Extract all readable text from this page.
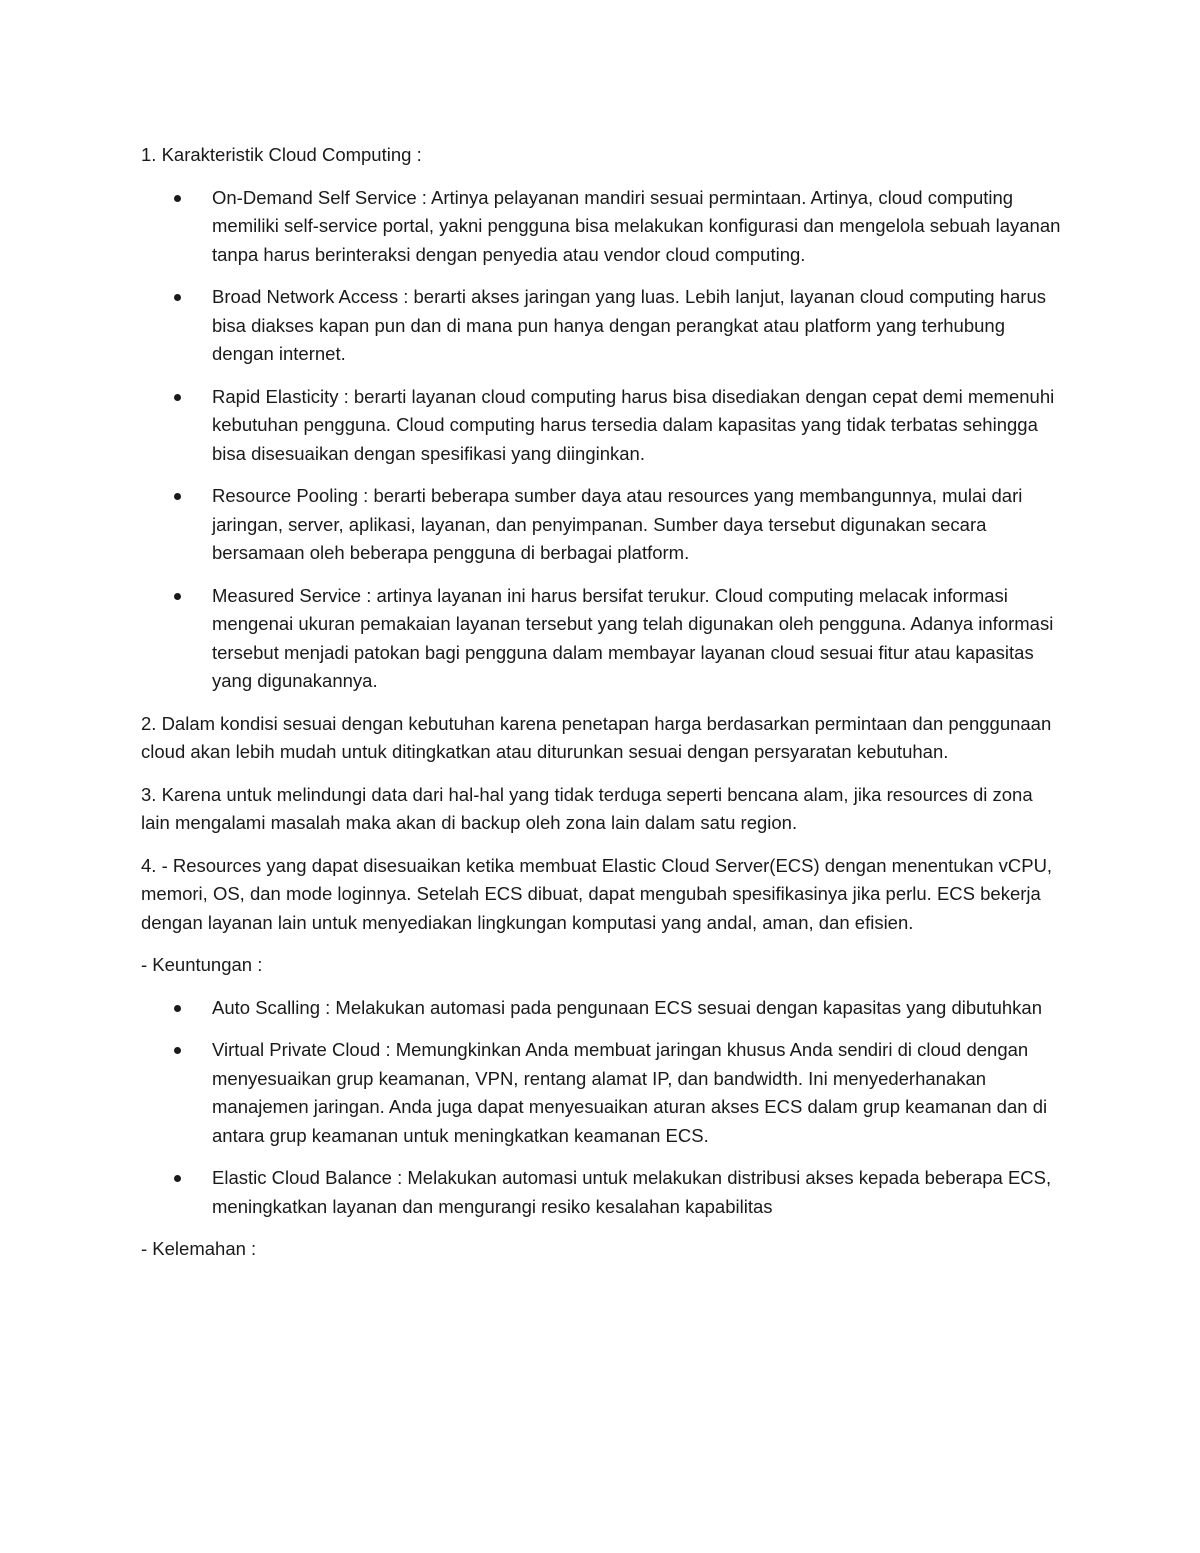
1. Karakteristik Cloud Computing :

On-Demand Self Service : Artinya pelayanan mandiri sesuai permintaan. Artinya, cloud computing memiliki self-service portal, yakni pengguna bisa melakukan konfigurasi dan mengelola sebuah layanan tanpa harus berinteraksi dengan penyedia atau vendor cloud computing.
Broad Network Access : berarti akses jaringan yang luas. Lebih lanjut, layanan cloud computing harus bisa diakses kapan pun dan di mana pun hanya dengan perangkat atau platform yang terhubung dengan internet.
Rapid Elasticity : berarti layanan cloud computing harus bisa disediakan dengan cepat demi memenuhi kebutuhan pengguna. Cloud computing harus tersedia dalam kapasitas yang tidak terbatas sehingga bisa disesuaikan dengan spesifikasi yang diinginkan.
Resource Pooling : berarti beberapa sumber daya atau resources yang membangunnya, mulai dari jaringan, server, aplikasi, layanan, dan penyimpanan. Sumber daya tersebut digunakan secara bersamaan oleh beberapa pengguna di berbagai platform.
Measured Service : artinya layanan ini harus bersifat terukur. Cloud computing melacak informasi mengenai ukuran pemakaian layanan tersebut yang telah digunakan oleh pengguna. Adanya informasi tersebut menjadi patokan bagi pengguna dalam membayar layanan cloud sesuai fitur atau kapasitas yang digunakannya.

2. Dalam kondisi sesuai dengan kebutuhan karena penetapan harga berdasarkan permintaan dan penggunaan cloud akan lebih mudah untuk ditingkatkan atau diturunkan sesuai dengan persyaratan kebutuhan.

3. Karena untuk melindungi data dari hal-hal yang tidak terduga seperti bencana alam, jika resources di zona lain mengalami masalah maka akan di backup oleh zona lain dalam satu region.

4. - Resources yang dapat disesuaikan ketika membuat Elastic Cloud Server(ECS) dengan menentukan vCPU, memori, OS, dan mode loginnya. Setelah ECS dibuat, dapat mengubah spesifikasinya jika perlu. ECS bekerja dengan layanan lain untuk menyediakan lingkungan komputasi yang andal, aman, dan efisien.

- Keuntungan :

Auto Scalling : Melakukan automasi pada pengunaan ECS sesuai dengan kapasitas yang dibutuhkan
Virtual Private Cloud : Memungkinkan Anda membuat jaringan khusus Anda sendiri di cloud dengan menyesuaikan grup keamanan, VPN, rentang alamat IP, dan bandwidth. Ini menyederhanakan manajemen jaringan. Anda juga dapat menyesuaikan aturan akses ECS dalam grup keamanan dan di antara grup keamanan untuk meningkatkan keamanan ECS.
Elastic Cloud Balance : Melakukan automasi untuk melakukan distribusi akses kepada beberapa ECS, meningkatkan layanan dan mengurangi resiko kesalahan kapabilitas

- Kelemahan :
